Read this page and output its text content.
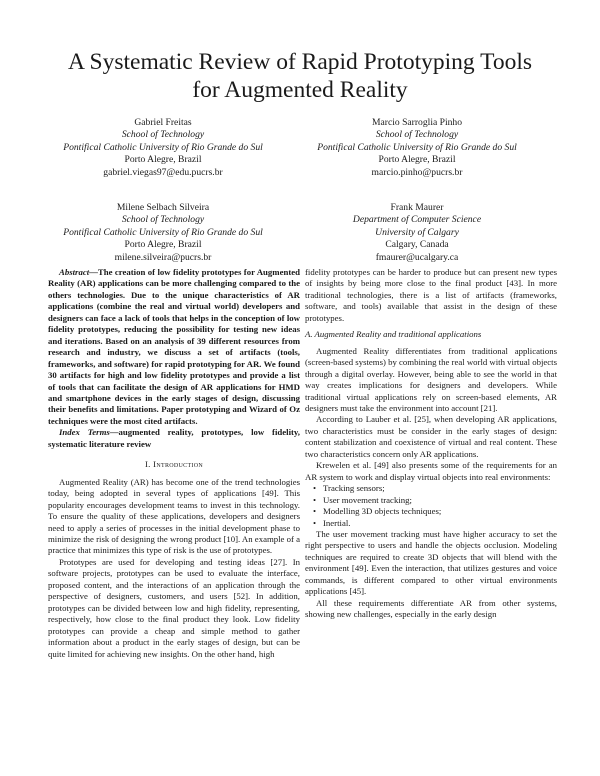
A Systematic Review of Rapid Prototyping Tools
for Augmented Reality
Gabriel Freitas
School of Technology
Pontifical Catholic University of Rio Grande do Sul
Porto Alegre, Brazil
gabriel.viegas97@edu.pucrs.br
Marcio Sarroglia Pinho
School of Technology
Pontifical Catholic University of Rio Grande do Sul
Porto Alegre, Brazil
marcio.pinho@pucrs.br
Milene Selbach Silveira
School of Technology
Pontifical Catholic University of Rio Grande do Sul
Porto Alegre, Brazil
milene.silveira@pucrs.br
Frank Maurer
Department of Computer Science
University of Calgary
Calgary, Canada
fmaurer@ucalgary.ca

Abstract—The creation of low fidelity prototypes for Augmented Reality (AR) applications can be more challenging compared to the others technologies. Due to the unique characteristics of AR applications (combine the real and virtual world) developers and designers can face a lack of tools that helps in the conception of low fidelity prototypes, reducing the possibility for testing new ideas and iterations. Based on an analysis of 39 different resources from research and industry, we discuss a set of artifacts (tools, frameworks, and software) for rapid prototyping for AR. We found 30 artifacts for high and low fidelity prototypes and provide a list of tools that can facilitate the design of AR applications for HMD and smartphone devices in the early stages of design, discussing their benefits and limitations. Paper prototyping and Wizard of Oz techniques were the most cited artifacts.

Index Terms—augmented reality, prototypes, low fidelity, systematic literature review

I. Introduction

Augmented Reality (AR) has become one of the trend technologies today, being adopted in several types of applications [49]. This popularity encourages development teams to invest in this technology. To ensure the quality of these applications, developers and designers need to apply a series of processes in the initial development phase to minimize the risk of designing the wrong product [10]. An example of a practice that minimizes this type of risk is the use of prototypes.

Prototypes are used for developing and testing ideas [27]. In software projects, prototypes can be used to evaluate the interface, proposed content, and the interactions of an application through the perspective of designers, customers, and users [52]. In addition, prototypes can be divided between low and high fidelity, representing, respectively, how close to the final product they look. Low fidelity prototypes can provide a cheap and simple method to gather information about a product in the early stages of design, but can be quite limited for achieving new insights. On the other hand, high

fidelity prototypes can be harder to produce but can present new types of insights by being more close to the final product [43]. In more traditional technologies, there is a list of artifacts (frameworks, software, and tools) available that assist in the design of these prototypes.

A. Augmented Reality and traditional applications

Augmented Reality differentiates from traditional applications (screen-based systems) by combining the real world with virtual objects through a digital overlay. However, being able to see the world in that way creates implications for designers and developers. While traditional virtual applications rely on screen-based elements, AR designers must take the environment into account [21].

According to Lauber et al. [25], when developing AR applications, two characteristics must be consider in the early stages of design: content stabilization and coexistence of virtual and real content. These two characteristics concern only AR applications.

Krewelen et al. [49] also presents some of the requirements for an AR system to work and display virtual objects into real environments:

• Tracking sensors;
• User movement tracking;
• Modelling 3D objects techniques;
• Inertial.

The user movement tracking must have higher accuracy to set the right perspective to users and handle the objects occlusion. Modeling techniques are required to create 3D objects that will blend with the environment [49]. Even the interaction, that utilizes gestures and voice commands, is different compared to other virtual environments applications [45].

All these requirements differentiate AR from other systems, showing new challenges, especially in the early design
